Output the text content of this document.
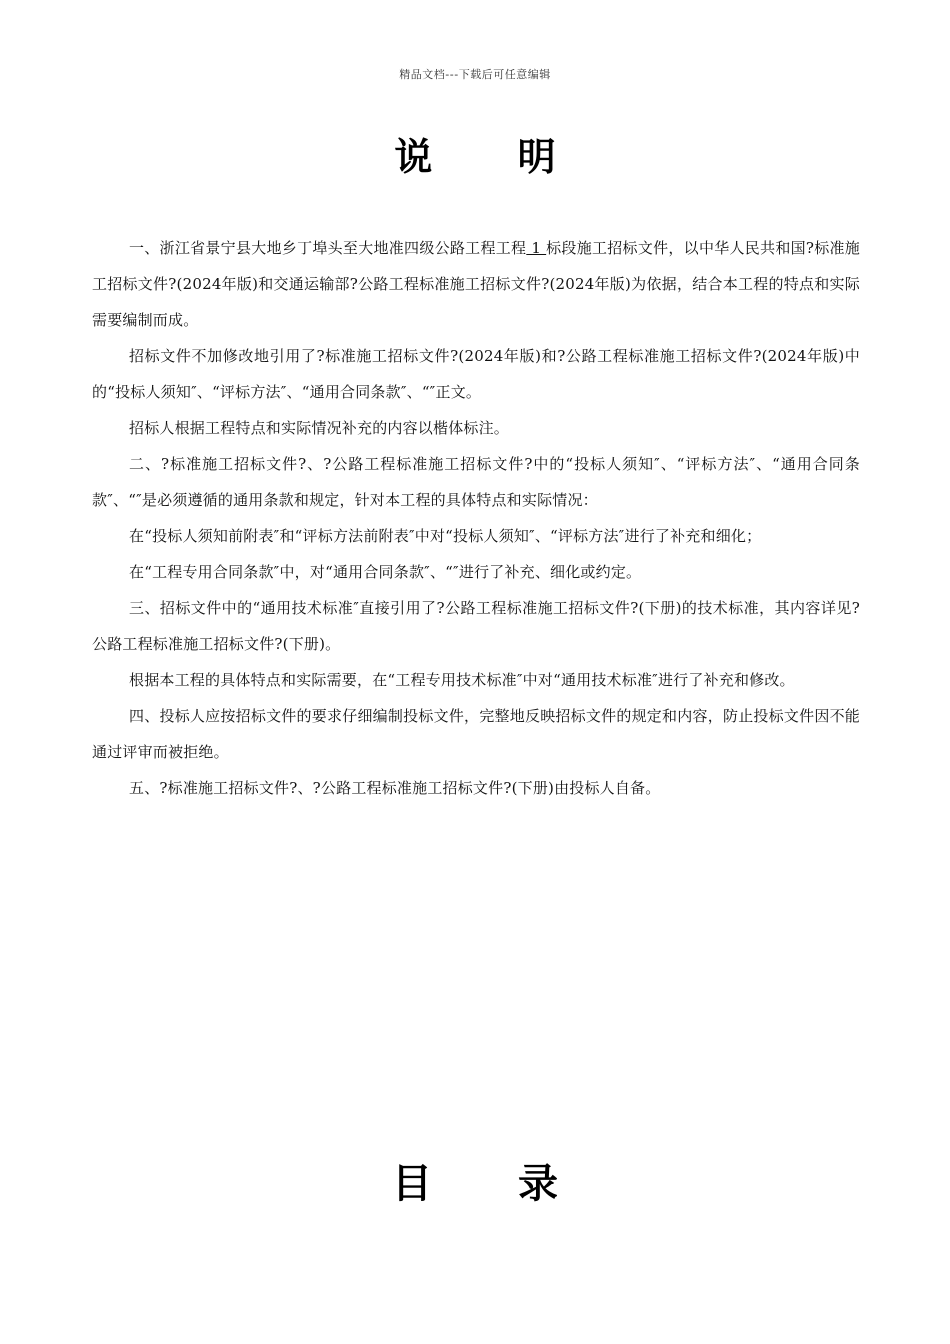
精品文档---下载后可任意编辑
说 明

一、浙江省景宁县大地乡丁埠头至大地准四级公路工程工程 1 标段施工招标文件，以中华人民共和国?标准施工招标文件?(2024年版)和交通运输部?公路工程标准施工招标文件?(2024年版)为依据，结合本工程的特点和实际需要编制而成。

招标文件不加修改地引用了?标准施工招标文件?(2024年版)和?公路工程标准施工招标文件?(2024年版)中的“投标人须知″、“评标方法″、“通用合同条款″、“″正文。

招标人根据工程特点和实际情况补充的内容以楷体标注。

二、?标准施工招标文件?、?公路工程标准施工招标文件?中的“投标人须知″、“评标方法″、“通用合同条款″、“″是必须遵循的通用条款和规定，针对本工程的具体特点和实际情况：

在“投标人须知前附表″和“评标方法前附表″中对“投标人须知″、“评标方法″进行了补充和细化；

在“工程专用合同条款″中，对“通用合同条款″、“″进行了补充、细化或约定。

三、招标文件中的“通用技术标准″直接引用了?公路工程标准施工招标文件?(下册)的技术标准，其内容详见?公路工程标准施工招标文件?(下册)。

根据本工程的具体特点和实际需要，在“工程专用技术标准″中对“通用技术标准″进行了补充和修改。

四、投标人应按招标文件的要求仔细编制投标文件，完整地反映招标文件的规定和内容，防止投标文件因不能通过评审而被拒绝。

五、?标准施工招标文件?、?公路工程标准施工招标文件?(下册)由投标人自备。

目 录
